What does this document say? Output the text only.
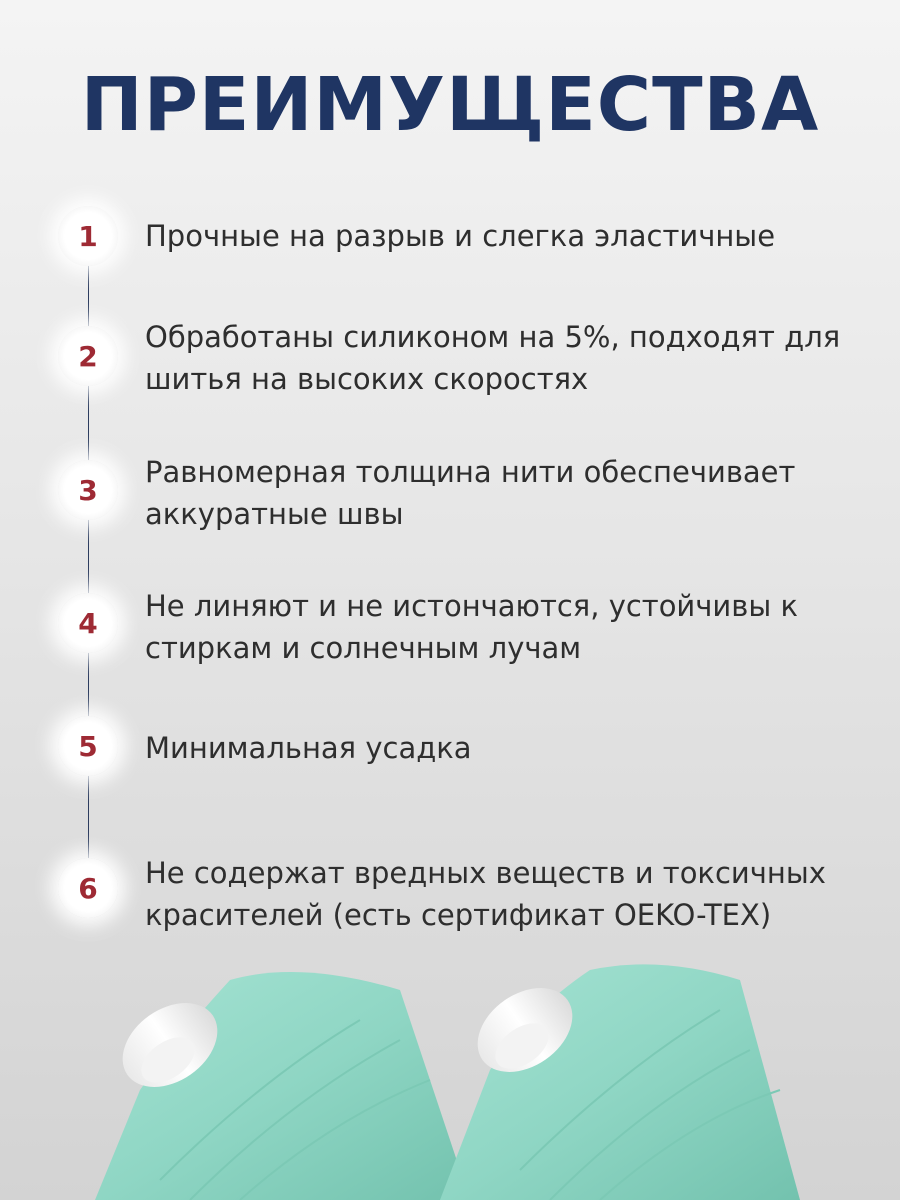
ПРЕИМУЩЕСТВА
1	Прочные на разрыв и слегка эластичные
2
Обработаны силиконом на 5%, подходят для шитья на высоких скоростях
3
Равномерная толщина нити обеспечивает аккуратные швы
4	Не линяют и не истончаются, устойчивы к стиркам и солнечным лучам
5	Минимальная усадка
6	Не содержат вредных веществ и токсичных красителей (есть сертификат OEKO-TEX)
